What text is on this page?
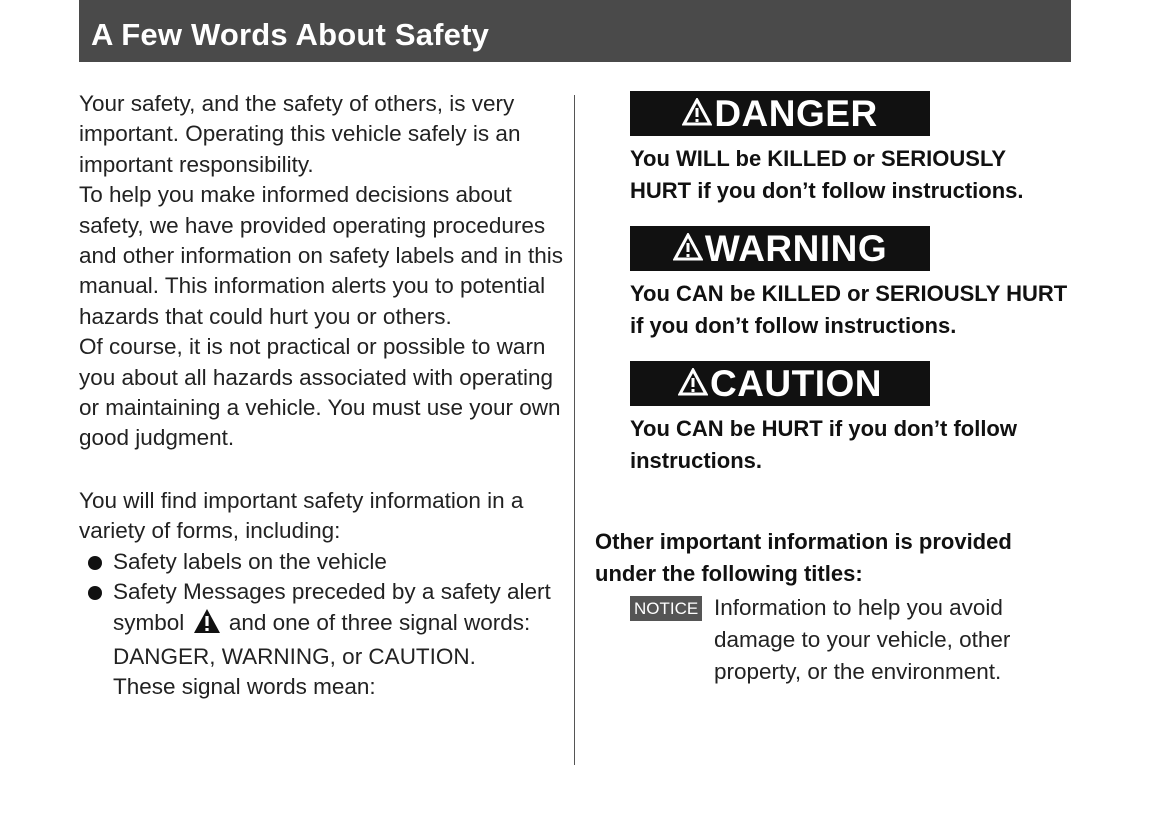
A Few Words About Safety

Your safety, and the safety of others, is very important. Operating this vehicle safely is an important responsibility.

To help you make informed decisions about safety, we have provided operating procedures and other information on safety labels and in this manual. This information alerts you to potential hazards that could hurt you or others.

Of course, it is not practical or possible to warn you about all hazards associated with operating or maintaining a vehicle. You must use your own good judgment.

You will find important safety information in a variety of forms, including:

Safety labels on the vehicle
Safety Messages preceded by a safety alert symbol and one of three signal words:
DANGER, WARNING, or CAUTION.
These signal words mean:
DANGER
You WILL be KILLED or SERIOUSLY HURT if you don’t follow instructions.
WARNING
You CAN be KILLED or SERIOUSLY HURT if you don’t follow instructions.
CAUTION
You CAN be HURT if you don’t follow instructions.
Other important information is provided under the following titles:
NOTICE Information to help you avoid damage to your vehicle, other property, or the environment.
